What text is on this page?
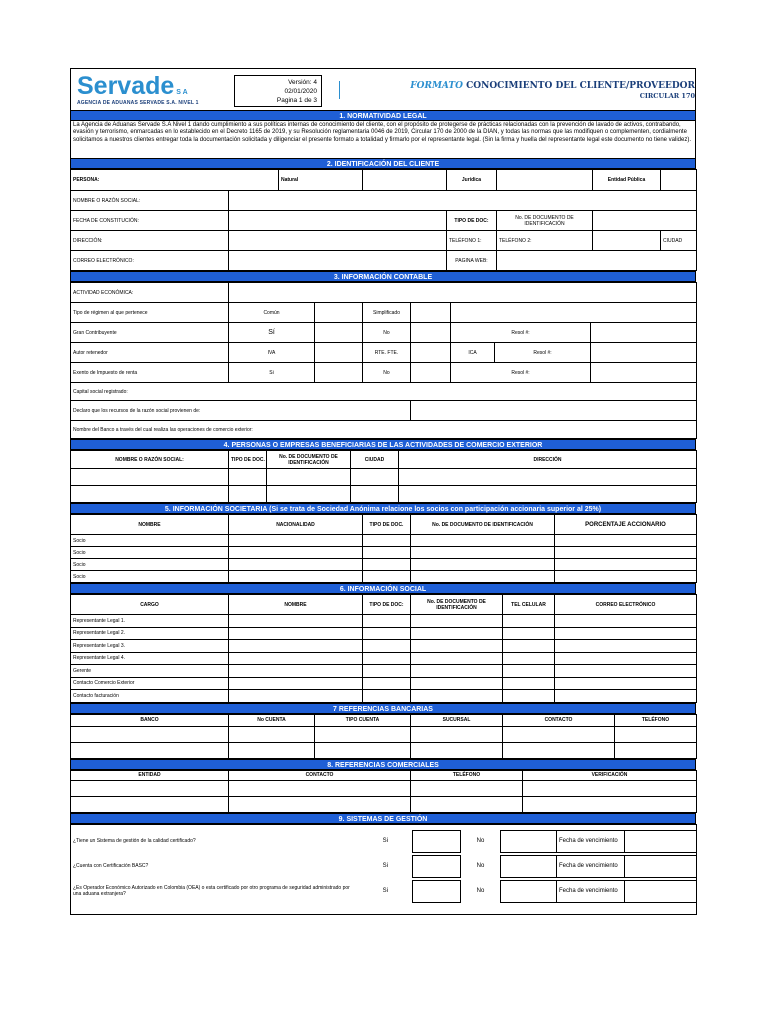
Servade S A
AGENCIA DE ADUANAS SERVADE S.A. NIVEL 1
Versión: 4
02/01/2020
Pagina 1 de 3
FORMATO CONOCIMIENTO DEL CLIENTE/PROVEEDOR
CIRCULAR 170
1. NORMATIVIDAD LEGAL
La Agencia de Aduanas Servade S.A Nivel 1 dando cumplimiento a sus políticas internas de conocimiento del cliente, con el propósito de protegerse de prácticas relacionadas con la prevención de lavado de activos, contrabando, evasión y terrorismo, enmarcadas en lo establecido en el Decreto 1165 de 2019, y su Resolución reglamentaria 0046 de 2019, Circular 170 de 2000 de la DIAN, y todas las normas que las modifiquen o complementen, cordialmente solicitamos a nuestros clientes entregar toda la documentación solicitada y diligenciar el presente formato a totalidad y firmarlo por el representante legal. (Sin la firma y huella del representante legal este documento no tiene validez).
2. IDENTIFICACIÓN DEL CLIENTE
PERSONA:		Natural		Jurídica		Entidad Pública	
NOMBRE O RAZÓN SOCIAL:							
FECHA DE CONSTITUCIÓN:				TIPO DE DOC:	No. DE DOCUMENTO DE IDENTIFICACIÓN		
DIRECCIÓN:				TELÉFONO 1:	TELÉFONO 2:		CIUDAD
CORREO ELECTRÓNICO:				PAGINA WEB:			
3. INFORMACIÓN CONTABLE
ACTIVIDAD ECONÓMICA:							
Tipo de régimen al que pertenece	Común		Simplificado				
Gran Contribuyente	Sí		No		Resol #:		
Autor retenedor	IVA		RTE. FTE.		ICA	Resol #:	
Exento de Impuesto de renta	Si		No		Resol #:		
Capital social registrado:							
Declaro que los recursos de la razón social provienen de:							
Nombre del Banco a través del cual realiza las operaciones de comercio exterior:							
4. PERSONAS O EMPRESAS BENEFICIARIAS DE LAS ACTIVIDADES DE COMERCIO EXTERIOR
NOMBRE O RAZÓN SOCIAL:	TIPO DE DOC.	No. DE DOCUMENTO DE IDENTIFICACIÓN	CIUDAD	DIRECCIÓN

5. INFORMACIÓN SOCIETARIA (Si se trata de Sociedad Anónima relacione los socios con participación accionaria superior al 25%)
NOMBRE	NACIONALIDAD	TIPO DE DOC.	No. DE DOCUMENTO DE IDENTIFICACIÓN	PORCENTAJE ACCIONARIO
Socio				
Socio				
Socio				
Socio				
6. INFORMACIÓN SOCIAL
CARGO	NOMBRE	TIPO DE DOC:	No. DE DOCUMENTO DE IDENTIFICACIÓN	TEL CELULAR	CORREO ELECTRÓNICO
Representante Legal 1.					
Representante Legal 2.					
Representante Legal 3.					
Representante Legal 4.					
Gerente					
Contacto Comercio Exterior					
Contacto facturación					
7 REFERENCIAS BANCARIAS
BANCO	No CUENTA	TIPO CUENTA	SUCURSAL	CONTACTO	TELÉFONO

8. REFERENCIAS COMERCIALES
ENTIDAD	CONTACTO	TELÉFONO	VERIFICACIÓN

9. SISTEMAS DE GESTIÓN

¿Tiene un Sistema de gestión de la calidad certificado?	Si		No		Fecha de vencimiento	

¿Cuenta con Certificación BASC?	Si		No		Fecha de vencimiento	

¿Es Operador Económico Autorizado en Colombia (OEA) o esta certificado por otro programa de seguridad administrado por una aduana extranjera?	Si		No		Fecha de vencimiento	
